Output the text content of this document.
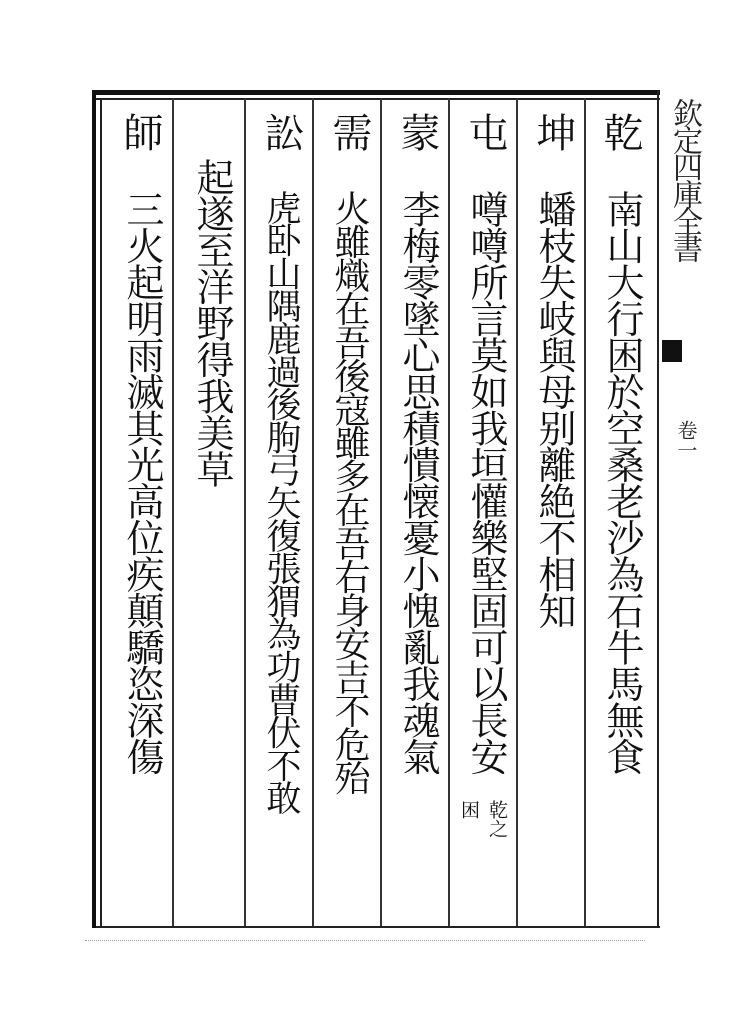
欽定四庫全書
卷一
乾
南山大行困於空桑老沙為石牛馬無食
坤
蟠枝失岐與母别離絶不相知
屯
噂噂所言莫如我垣懽樂堅固可以長安
乾之
困
蒙
李梅零墜心思積憒懐憂小愧亂我魂氣
需
火雖熾在吾後寇雖多在吾右身安吉不危殆
訟
虎卧山隅鹿過後朐弓矢復張猬為功曹伏不敢
起遂至洋野得我美草
師
三火起明雨滅其光高位疾顛驕恣深傷
